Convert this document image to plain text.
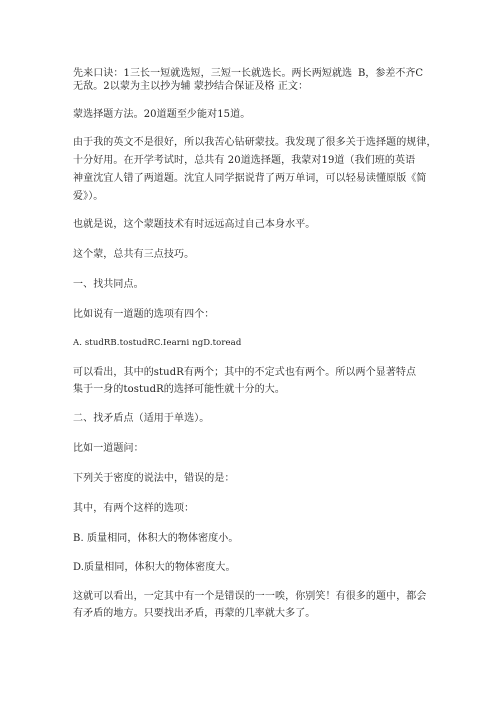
先来口诀：1三长一短就选短，三短一长就选长。两长两短就选 B，参差不齐C
无敌。2以蒙为主以抄为辅 蒙抄结合保证及格 正文：
蒙选择题方法。20道题至少能对15道。
由于我的英文不是很好，所以我苦心钻研蒙技。我发现了很多关于选择题的规律，
十分好用。在开学考试时，总共有 20道选择题，我蒙对19道（我们班的英语
神童沈宜人错了两道题。沈宜人同学据说背了两万单词，可以轻易读懂原版《简
爱》）。
也就是说，这个蒙题技术有时远远高过自己本身水平。
这个蒙，总共有三点技巧。
一、找共同点。
比如说有一道题的选项有四个：
A. studRB.tostudRC.Iearni ngD.toread
可以看出，其中的studR有两个；其中的不定式也有两个。所以两个显著特点
集于一身的tostudR的选择可能性就十分的大。
二、找矛盾点（适用于单选）。
比如一道题问：
下列关于密度的说法中，错误的是：
其中，有两个这样的选项：
B. 质量相同，体积大的物体密度小。
D.质量相同，体积大的物体密度大。
这就可以看出，一定其中有一个是错误的一一唉，你别笑！有很多的题中，都会
有矛盾的地方。只要找出矛盾，再蒙的几率就大多了。
